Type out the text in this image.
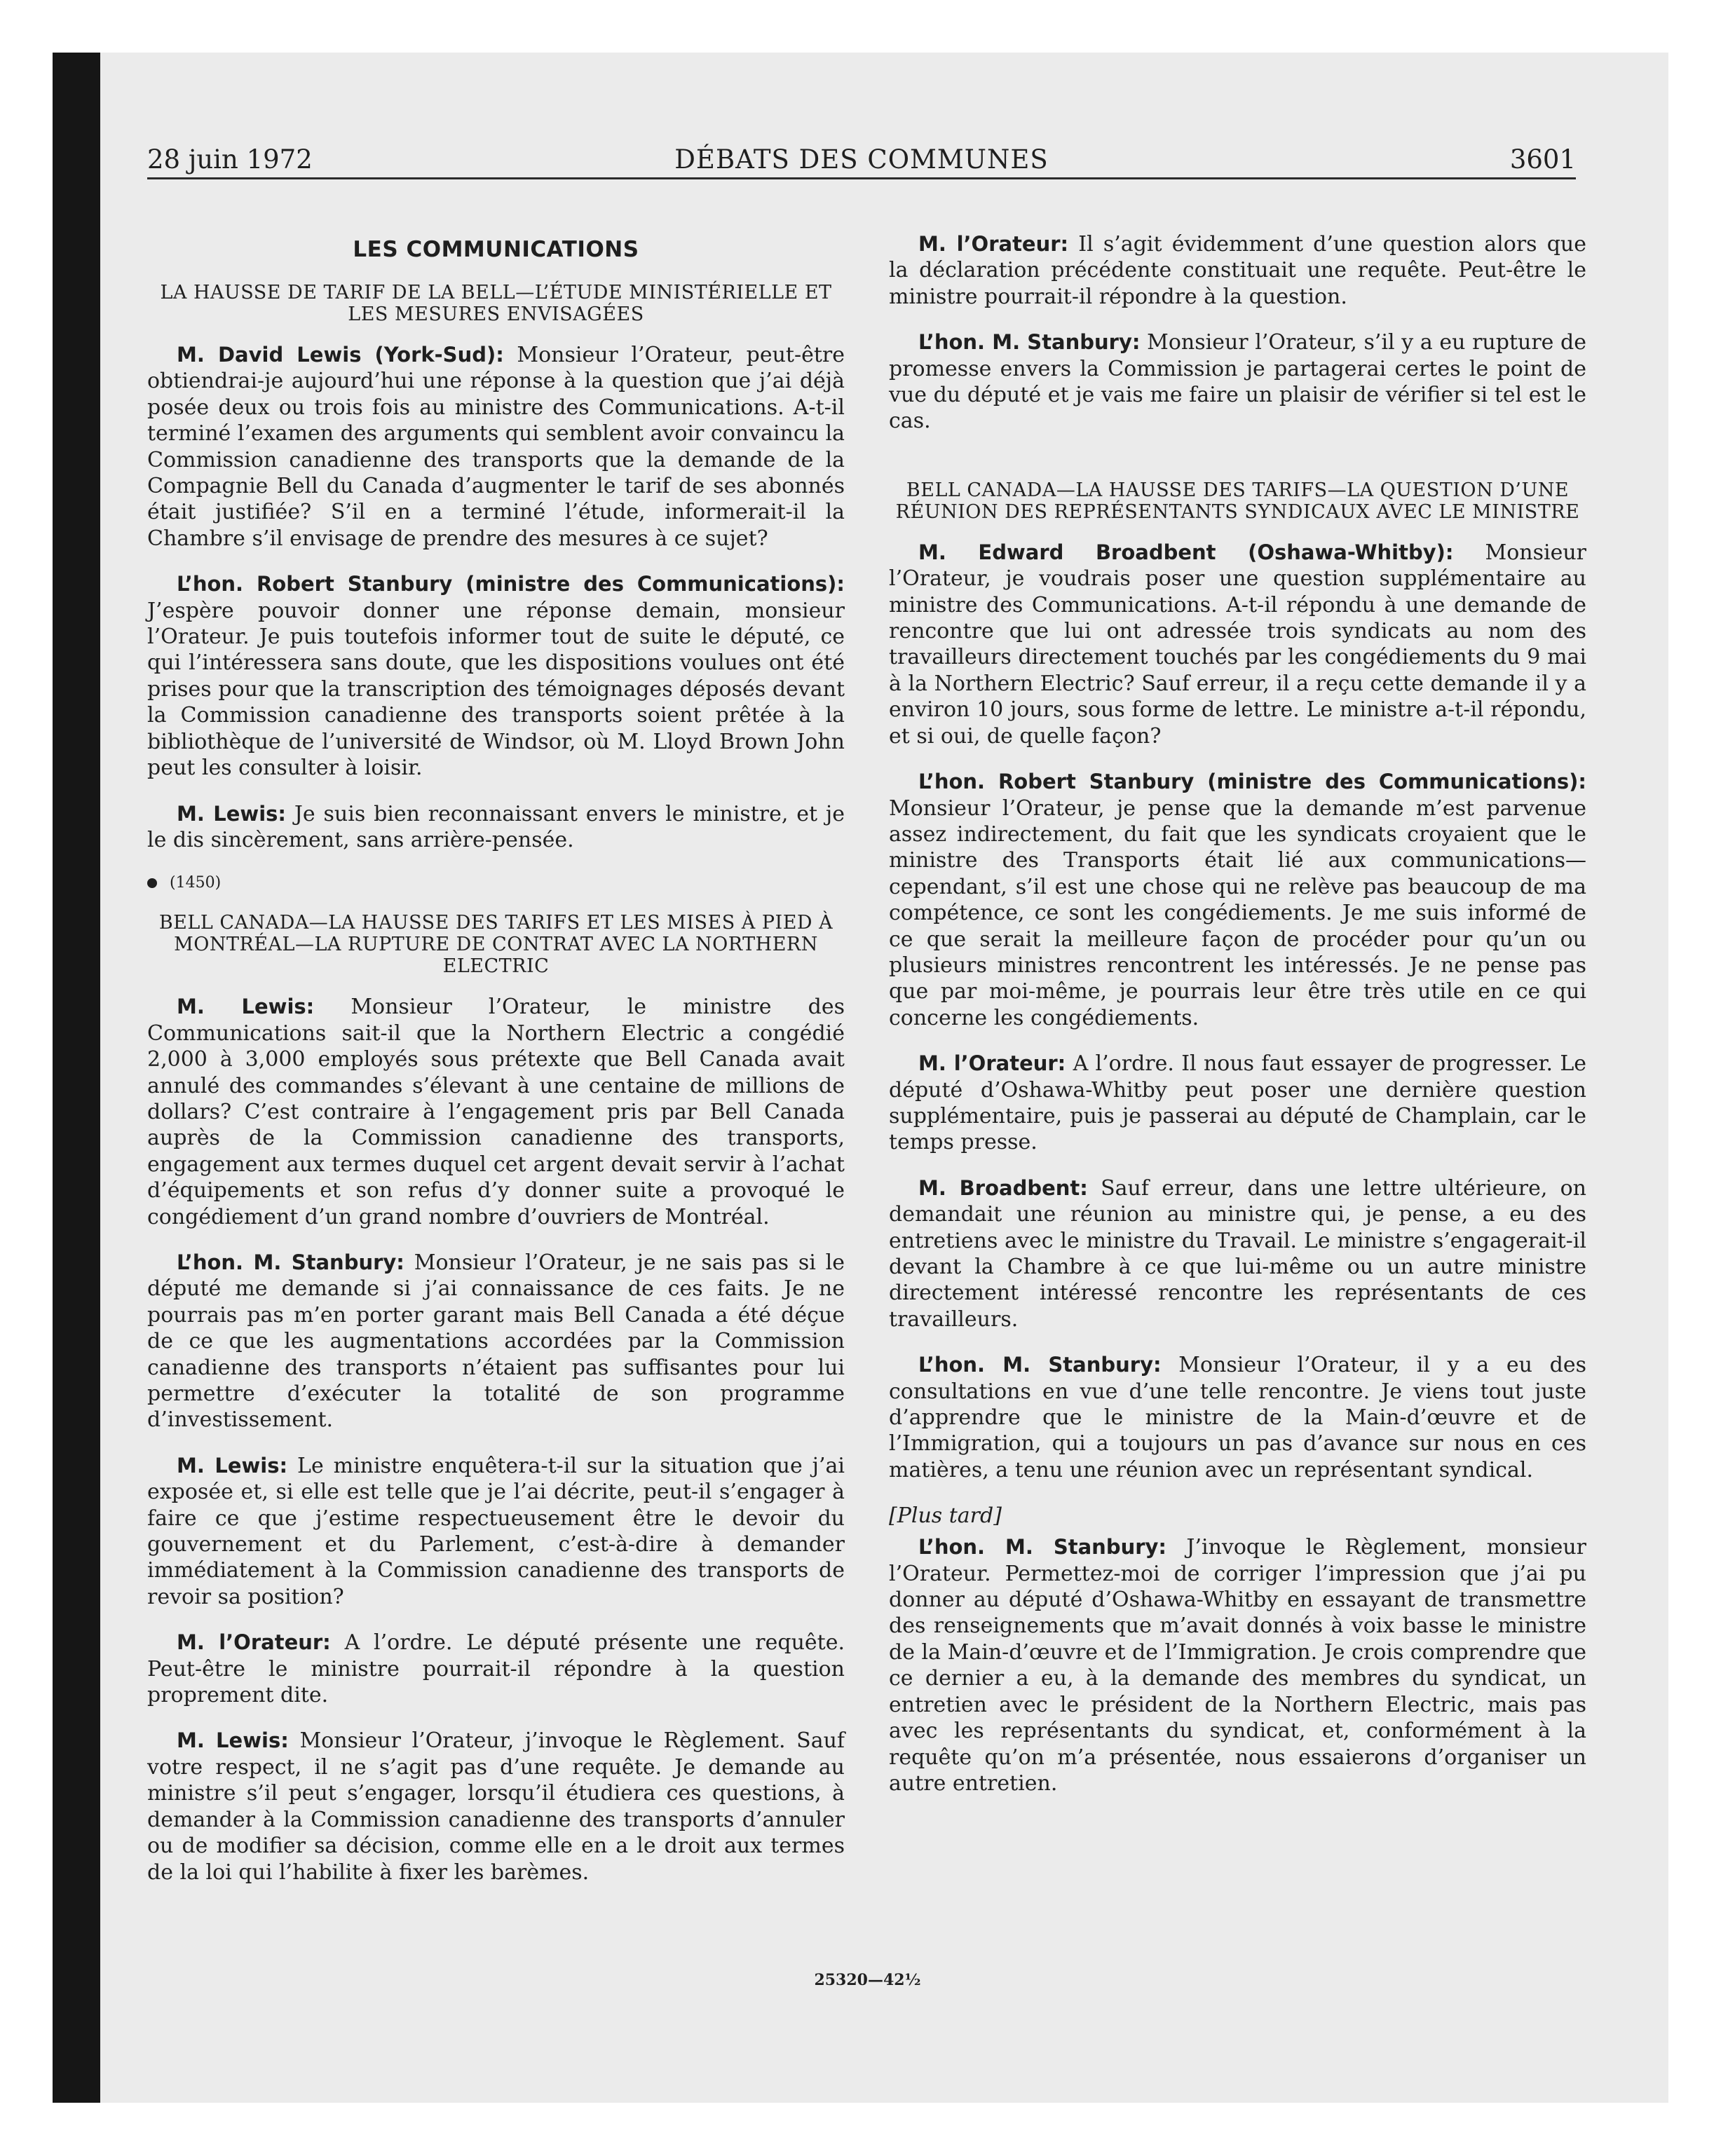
28 juin 1972	DÉBATS DES COMMUNES	3601
LES COMMUNICATIONS
LA HAUSSE DE TARIF DE LA BELL—L’ÉTUDE MINISTÉRIELLE ET LES MESURES ENVISAGÉES

M. David Lewis (York-Sud): Monsieur l’Orateur, peut-être obtiendrai-je aujourd’hui une réponse à la question que j’ai déjà posée deux ou trois fois au ministre des Communications. A-t-il terminé l’examen des arguments qui semblent avoir convaincu la Commission canadienne des transports que la demande de la Compagnie Bell du Canada d’augmenter le tarif de ses abonnés était justifiée? S’il en a terminé l’étude, informerait-il la Chambre s’il envisage de prendre des mesures à ce sujet?

L’hon. Robert Stanbury (ministre des Communications): J’espère pouvoir donner une réponse demain, monsieur l’Orateur. Je puis toutefois informer tout de suite le député, ce qui l’intéressera sans doute, que les dispositions voulues ont été prises pour que la transcription des témoignages déposés devant la Commission canadienne des transports soient prêtée à la bibliothèque de l’université de Windsor, où M. Lloyd Brown John peut les consulter à loisir.

M. Lewis: Je suis bien reconnaissant envers le ministre, et je le dis sincèrement, sans arrière-pensée.

(1450)
BELL CANADA—LA HAUSSE DES TARIFS ET LES MISES À PIED À MONTRÉAL—LA RUPTURE DE CONTRAT AVEC LA NORTHERN ELECTRIC

M. Lewis: Monsieur l’Orateur, le ministre des Communications sait-il que la Northern Electric a congédié 2,000 à 3,000 employés sous prétexte que Bell Canada avait annulé des commandes s’élevant à une centaine de millions de dollars? C’est contraire à l’engagement pris par Bell Canada auprès de la Commission canadienne des transports, engagement aux termes duquel cet argent devait servir à l’achat d’équipements et son refus d’y donner suite a provoqué le congédiement d’un grand nombre d’ouvriers de Montréal.

L’hon. M. Stanbury: Monsieur l’Orateur, je ne sais pas si le député me demande si j’ai connaissance de ces faits. Je ne pourrais pas m’en porter garant mais Bell Canada a été déçue de ce que les augmentations accordées par la Commission canadienne des transports n’étaient pas suffisantes pour lui permettre d’exécuter la totalité de son programme d’investissement.

M. Lewis: Le ministre enquêtera-t-il sur la situation que j’ai exposée et, si elle est telle que je l’ai décrite, peut-il s’engager à faire ce que j’estime respectueusement être le devoir du gouvernement et du Parlement, c’est-à-dire à demander immédiatement à la Commission canadienne des transports de revoir sa position?

M. l’Orateur: A l’ordre. Le député présente une requête. Peut-être le ministre pourrait-il répondre à la question proprement dite.

M. Lewis: Monsieur l’Orateur, j’invoque le Règlement. Sauf votre respect, il ne s’agit pas d’une requête. Je demande au ministre s’il peut s’engager, lorsqu’il étudiera ces questions, à demander à la Commission canadienne des transports d’annuler ou de modifier sa décision, comme elle en a le droit aux termes de la loi qui l’habilite à fixer les barèmes.

M. l’Orateur: Il s’agit évidemment d’une question alors que la déclaration précédente constituait une requête. Peut-être le ministre pourrait-il répondre à la question.

L’hon. M. Stanbury: Monsieur l’Orateur, s’il y a eu rupture de promesse envers la Commission je partagerai certes le point de vue du député et je vais me faire un plaisir de vérifier si tel est le cas.

BELL CANADA—LA HAUSSE DES TARIFS—LA QUESTION D’UNE RÉUNION DES REPRÉSENTANTS SYNDICAUX AVEC LE MINISTRE

M. Edward Broadbent (Oshawa-Whitby): Monsieur l’Orateur, je voudrais poser une question supplémentaire au ministre des Communications. A-t-il répondu à une demande de rencontre que lui ont adressée trois syndicats au nom des travailleurs directement touchés par les congédiements du 9 mai à la Northern Electric? Sauf erreur, il a reçu cette demande il y a environ 10 jours, sous forme de lettre. Le ministre a-t-il répondu, et si oui, de quelle façon?

L’hon. Robert Stanbury (ministre des Communications): Monsieur l’Orateur, je pense que la demande m’est parvenue assez indirectement, du fait que les syndicats croyaient que le ministre des Transports était lié aux communications—cependant, s’il est une chose qui ne relève pas beaucoup de ma compétence, ce sont les congédiements. Je me suis informé de ce que serait la meilleure façon de procéder pour qu’un ou plusieurs ministres rencontrent les intéressés. Je ne pense pas que par moi-même, je pourrais leur être très utile en ce qui concerne les congédiements.

M. l’Orateur: A l’ordre. Il nous faut essayer de progresser. Le député d’Oshawa-Whitby peut poser une dernière question supplémentaire, puis je passerai au député de Champlain, car le temps presse.

M. Broadbent: Sauf erreur, dans une lettre ultérieure, on demandait une réunion au ministre qui, je pense, a eu des entretiens avec le ministre du Travail. Le ministre s’engagerait-il devant la Chambre à ce que lui-même ou un autre ministre directement intéressé rencontre les représentants de ces travailleurs.

L’hon. M. Stanbury: Monsieur l’Orateur, il y a eu des consultations en vue d’une telle rencontre. Je viens tout juste d’apprendre que le ministre de la Main-d’œuvre et de l’Immigration, qui a toujours un pas d’avance sur nous en ces matières, a tenu une réunion avec un représentant syndical.

[Plus tard]

L’hon. M. Stanbury: J’invoque le Règlement, monsieur l’Orateur. Permettez-moi de corriger l’impression que j’ai pu donner au député d’Oshawa-Whitby en essayant de transmettre des renseignements que m’avait donnés à voix basse le ministre de la Main-d’œuvre et de l’Immigration. Je crois comprendre que ce dernier a eu, à la demande des membres du syndicat, un entretien avec le président de la Northern Electric, mais pas avec les représentants du syndicat, et, conformément à la requête qu’on m’a présentée, nous essaierons d’organiser un autre entretien.

25320—42½
